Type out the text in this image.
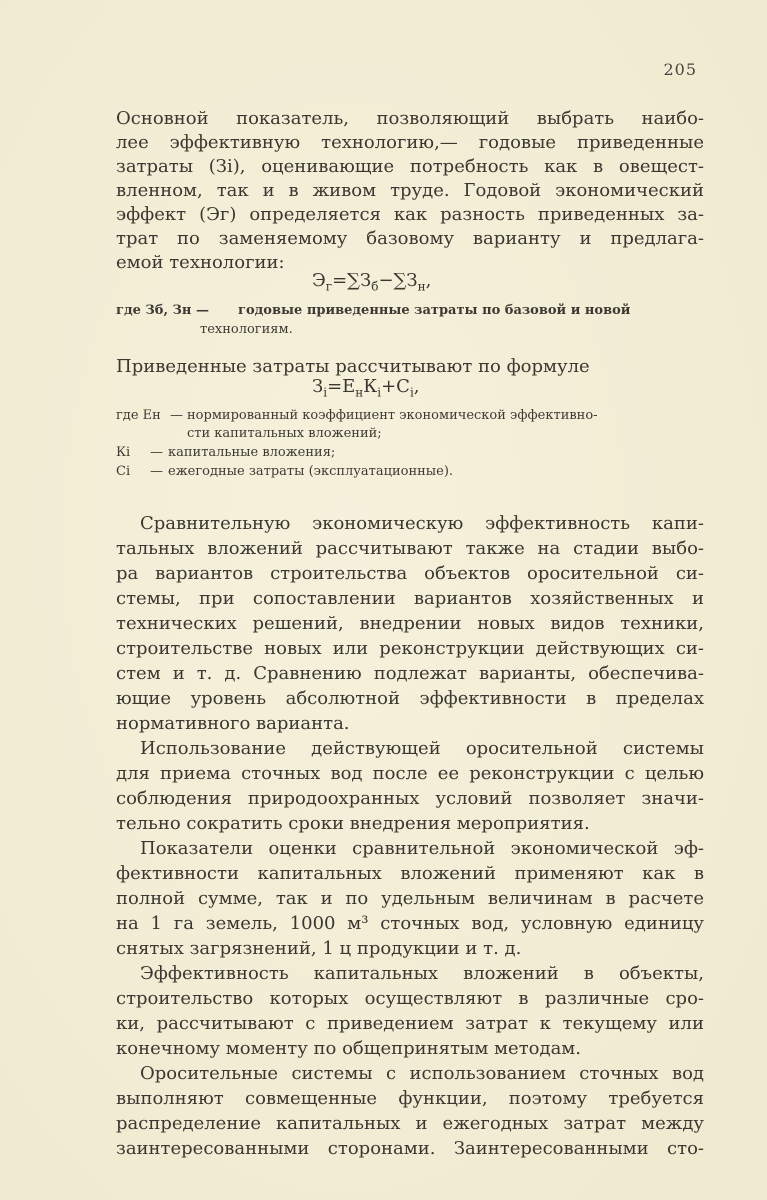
205
Основной показатель, позволяющий выбрать наибо-
лее эффективную технологию,— годовые приведенные
затраты (Зi), оценивающие потребность как в овещест-
вленном, так и в живом труде. Годовой экономический
эффект (Эг) определяется как разность приведенных за-
трат по заменяемому базовому варианту и предлага-
емой технологии:
$Э_г=\sum З_б-\sum З_н$,
где Зб, Зн — годовые приведенные затраты по базовой и новой
технологиям.
Приведенные затраты рассчитывают по формуле
$З_i=Е_нК_i+С_i$,
где Ен — нормированный коэффициент экономической эффективно-
сти капитальных вложений;
Кi — капитальные вложения;
Сi — ежегодные затраты (эксплуатационные).
Сравнительную экономическую эффективность капи-
тальных вложений рассчитывают также на стадии выбо-
ра вариантов строительства объектов оросительной си-
стемы, при сопоставлении вариантов хозяйственных и
технических решений, внедрении новых видов техники,
строительстве новых или реконструкции действующих си-
стем и т. д. Сравнению подлежат варианты, обеспечива-
ющие уровень абсолютной эффективности в пределах
нормативного варианта.
Использование действующей оросительной системы
для приема сточных вод после ее реконструкции с целью
соблюдения природоохранных условий позволяет значи-
тельно сократить сроки внедрения мероприятия.
Показатели оценки сравнительной экономической эф-
фективности капитальных вложений применяют как в
полной сумме, так и по удельным величинам в расчете
на 1 га земель, 1000 м³ сточных вод, условную единицу
снятых загрязнений, 1 ц продукции и т. д.
Эффективность капитальных вложений в объекты,
строительство которых осуществляют в различные сро-
ки, рассчитывают с приведением затрат к текущему или
конечному моменту по общепринятым методам.
Оросительные системы с использованием сточных вод
выполняют совмещенные функции, поэтому требуется
распределение капитальных и ежегодных затрат между
заинтересованными сторонами. Заинтересованными сто-
